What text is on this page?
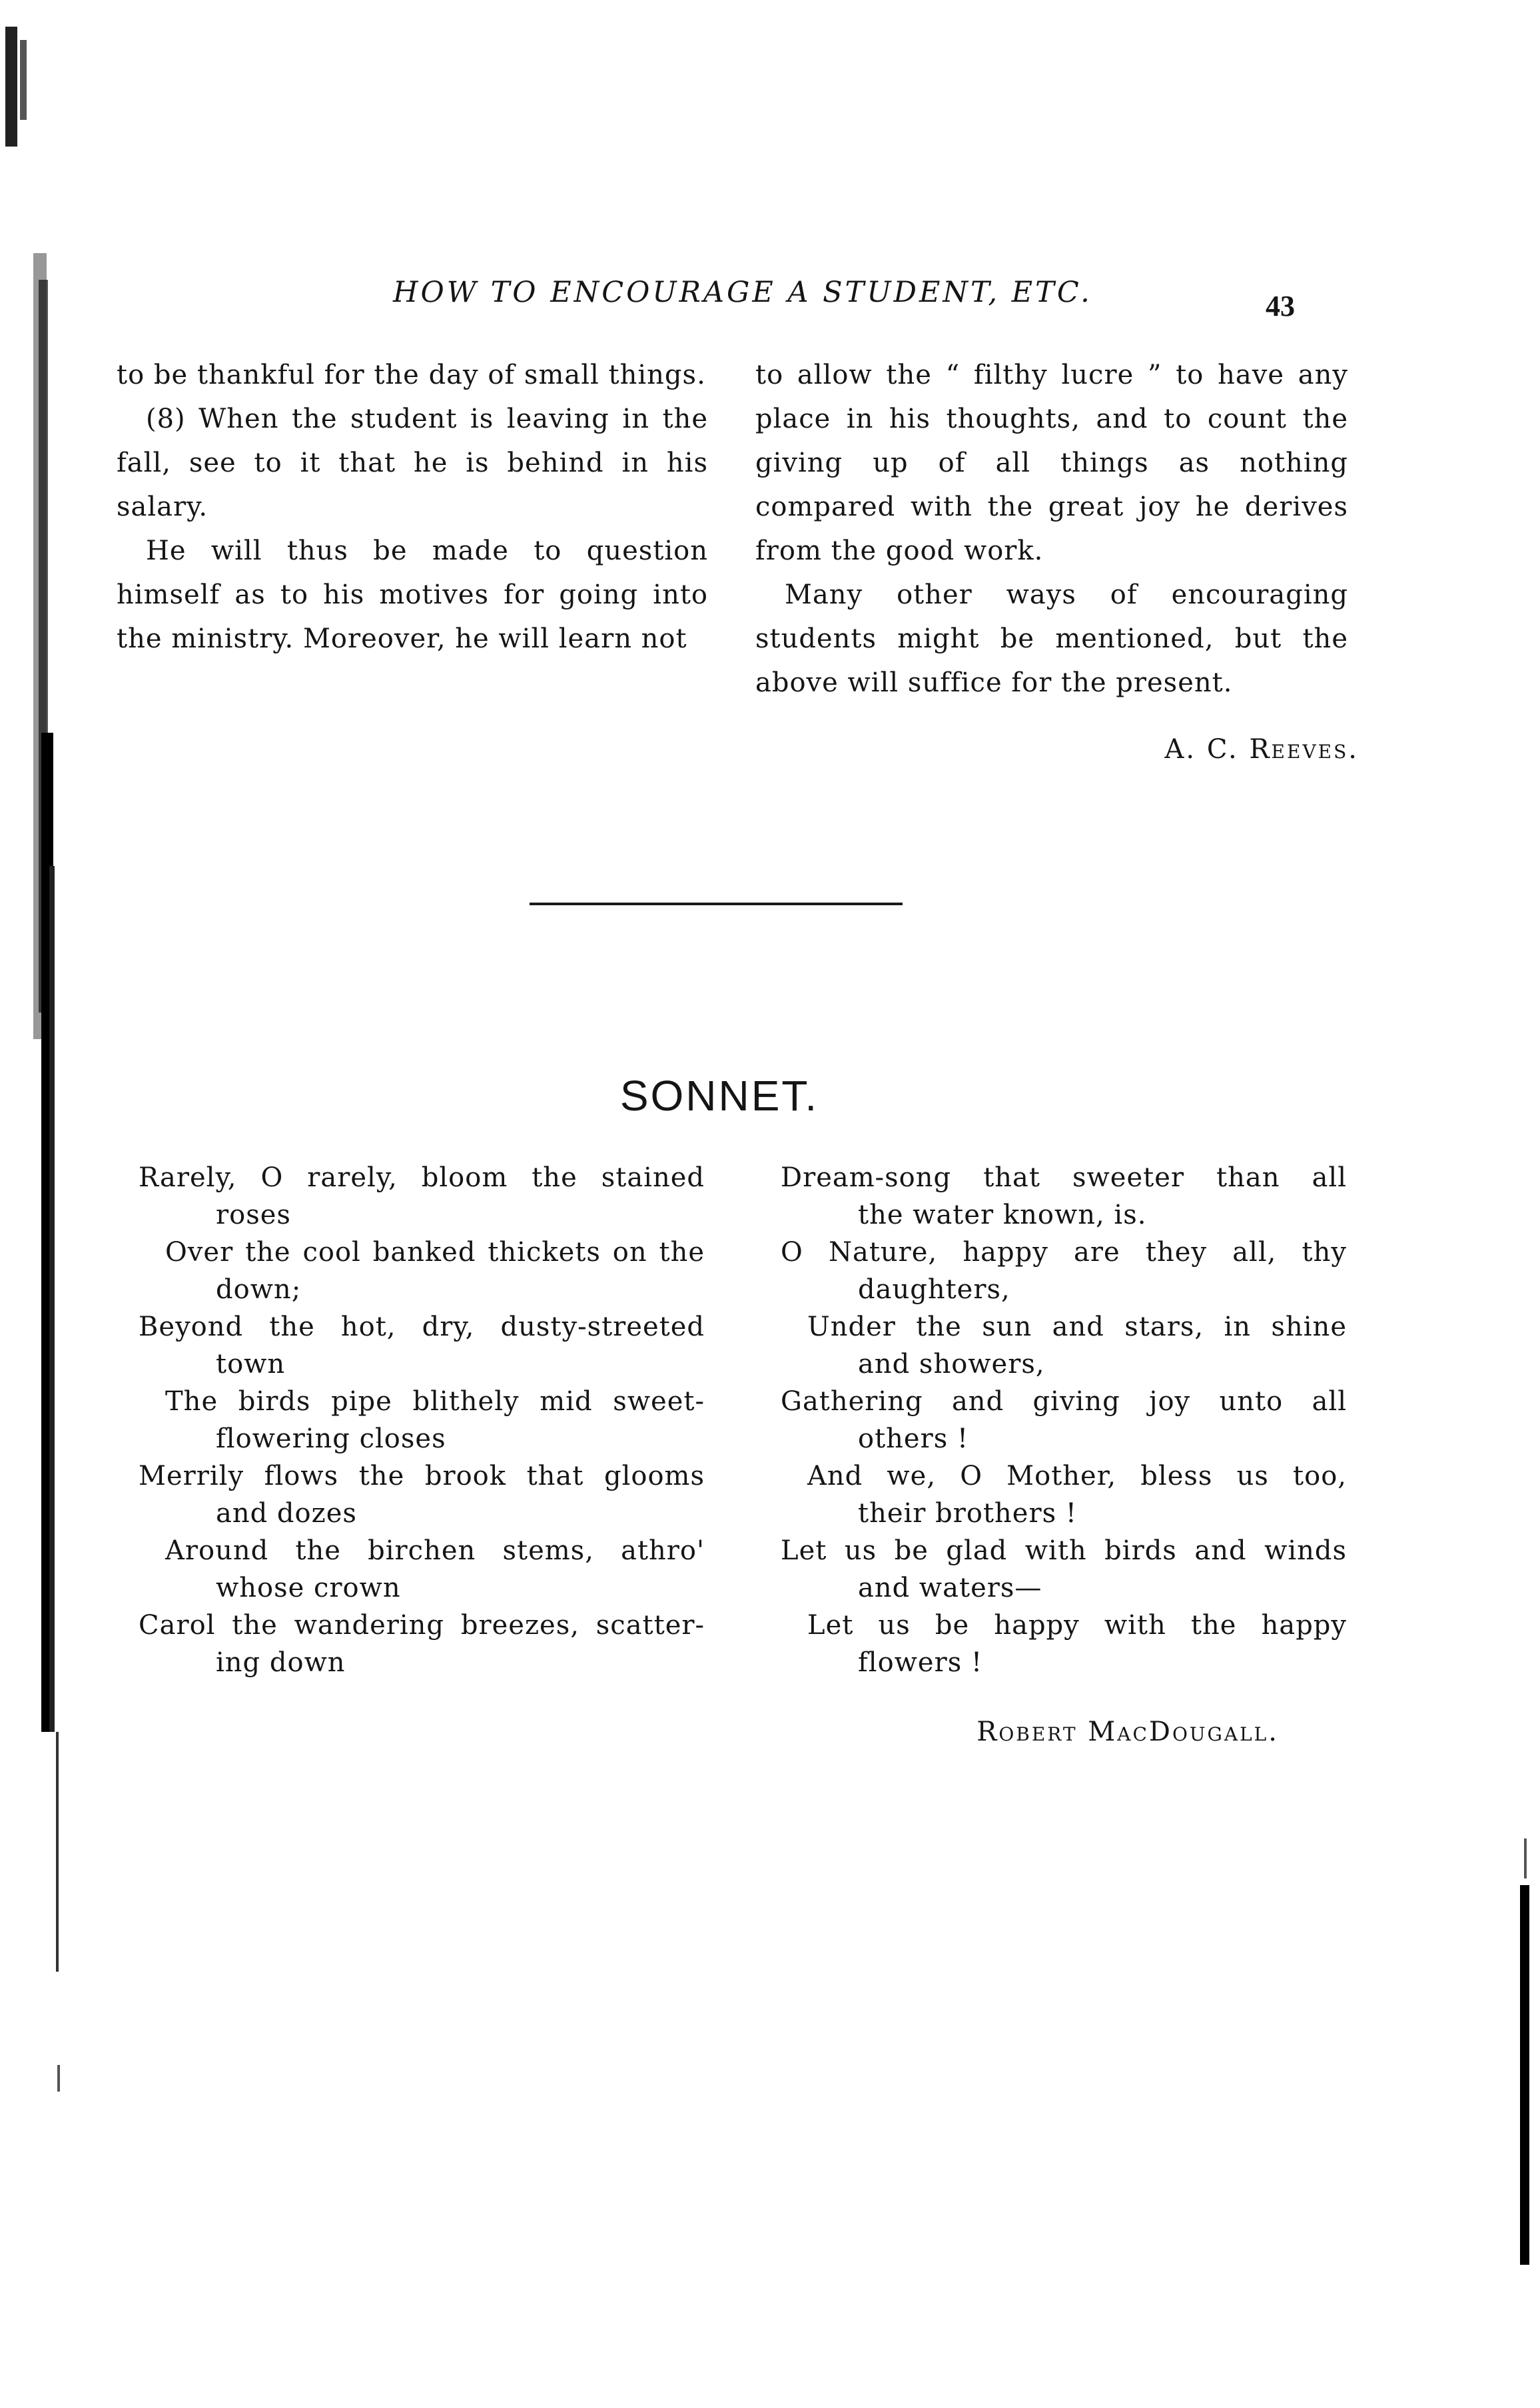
HOW TO ENCOURAGE A STUDENT, ETC.	43

to be thankful for the day of small things.

(8) When the student is leaving in the fall, see to it that he is behind in his salary.

He will thus be made to question himself as to his motives for going into the ministry. Moreover, he will learn not

to allow the “ filthy lucre ” to have any place in his thoughts, and to count the giving up of all things as nothing compared with the great joy he derives from the good work.

Many other ways of encouraging students might be mentioned, but the above will suffice for the present.

A. C. Reeves.
SONNET.
Rarely, O rarely, bloom the stained
roses
Over the cool banked thickets on the
down;
Beyond the hot, dry, dusty-streeted
town
The birds pipe blithely mid sweet-
flowering closes
Merrily flows the brook that glooms
and dozes
Around the birchen stems, athro'
whose crown
Carol the wandering breezes, scatter-
ing down
Dream-song that sweeter than all
the water known, is.
O Nature, happy are they all, thy
daughters,
Under the sun and stars, in shine
and showers,
Gathering and giving joy unto all
others !
And we, O Mother, bless us too,
their brothers !
Let us be glad with birds and winds
and waters—
Let us be happy with the happy
flowers !
Robert MacDougall.
